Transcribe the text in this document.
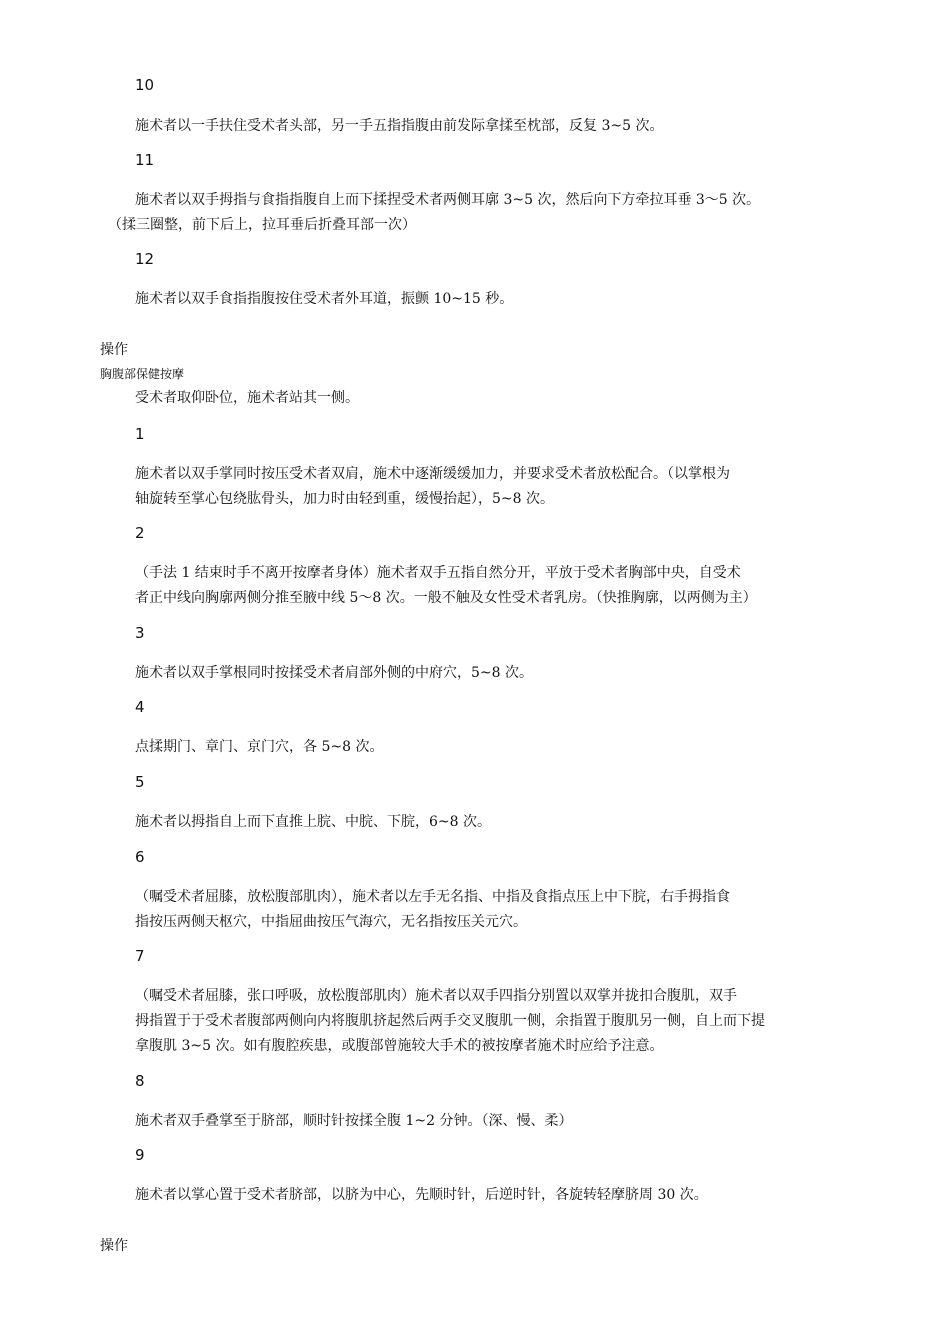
10
施术者以一手扶住受术者头部，另一手五指指腹由前发际拿揉至枕部，反复 3~5 次。
11
施术者以双手拇指与食指指腹自上而下揉捏受术者两侧耳廓 3~5 次，然后向下方牵拉耳垂 3～5 次。
（揉三圈整，前下后上，拉耳垂后折叠耳部一次）
12
施术者以双手食指指腹按住受术者外耳道，振颤 10~15 秒。
操作
胸腹部保健按摩
受术者取仰卧位，施术者站其一侧。
1
施术者以双手掌同时按压受术者双肩，施术中逐渐缓缓加力，并要求受术者放松配合。（以掌根为
轴旋转至掌心包绕肱骨头，加力时由轻到重，缓慢抬起），5~8 次。
2
（手法 1 结束时手不离开按摩者身体）施术者双手五指自然分开，平放于受术者胸部中央，自受术
者正中线向胸廓两侧分推至腋中线 5～8 次。一般不触及女性受术者乳房。（快推胸廓，以两侧为主）
3
施术者以双手掌根同时按揉受术者肩部外侧的中府穴，5~8 次。
4
点揉期门、章门、京门穴，各 5~8 次。
5
施术者以拇指自上而下直推上脘、中脘、下脘，6~8 次。
6
（嘱受术者屈膝，放松腹部肌肉），施术者以左手无名指、中指及食指点压上中下脘，右手拇指食
指按压两侧天枢穴，中指屈曲按压气海穴，无名指按压关元穴。
7
（嘱受术者屈膝，张口呼吸，放松腹部肌肉）施术者以双手四指分别置以双掌并拢扣合腹肌，双手
拇指置于于受术者腹部两侧向内将腹肌挤起然后两手交叉腹肌一侧，余指置于腹肌另一侧，自上而下提
拿腹肌 3~5 次。如有腹腔疾患，或腹部曾施较大手术的被按摩者施术时应给予注意。
8
施术者双手叠掌至于脐部，顺时针按揉全腹 1~2 分钟。（深、慢、柔）
9
施术者以掌心置于受术者脐部，以脐为中心，先顺时针，后逆时针，各旋转轻摩脐周 30 次。
操作
